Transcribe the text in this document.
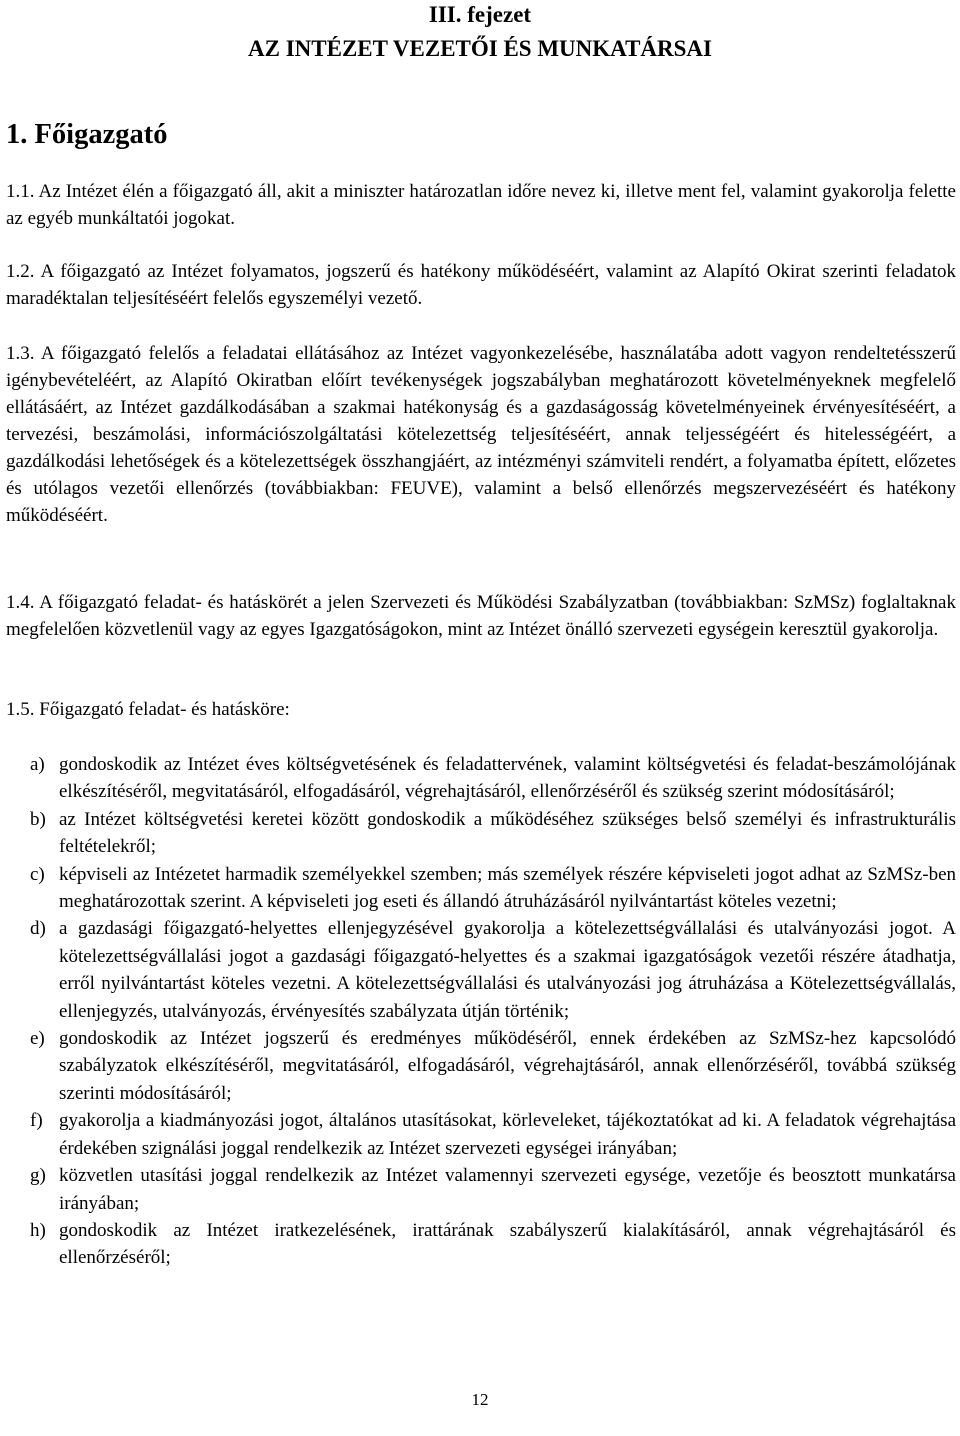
III. fejezet
AZ INTÉZET VEZETŐI ÉS MUNKATÁRSAI
1. Főigazgató

1.1. Az Intézet élén a főigazgató áll, akit a miniszter határozatlan időre nevez ki, illetve ment fel, valamint gyakorolja felette az egyéb munkáltatói jogokat.

1.2. A főigazgató az Intézet folyamatos, jogszerű és hatékony működéséért, valamint az Alapító Okirat szerinti feladatok maradéktalan teljesítéséért felelős egyszemélyi vezető.

1.3. A főigazgató felelős a feladatai ellátásához az Intézet vagyonkezelésébe, használatába adott vagyon rendeltetésszerű igénybevételéért, az Alapító Okiratban előírt tevékenységek jogszabályban meghatározott követelményeknek megfelelő ellátásáért, az Intézet gazdálkodásában a szakmai hatékonyság és a gazdaságosság követelményeinek érvényesítéséért, a tervezési, beszámolási, információszolgáltatási kötelezettség teljesítéséért, annak teljességéért és hitelességéért, a gazdálkodási lehetőségek és a kötelezettségek összhangjáért, az intézményi számviteli rendért, a folyamatba épített, előzetes és utólagos vezetői ellenőrzés (továbbiakban: FEUVE), valamint a belső ellenőrzés megszervezéséért és hatékony működéséért.

1.4. A főigazgató feladat- és hatáskörét a jelen Szervezeti és Működési Szabályzatban (továbbiakban: SzMSz) foglaltaknak megfelelően közvetlenül vagy az egyes Igazgatóságokon, mint az Intézet önálló szervezeti egységein keresztül gyakorolja.

1.5. Főigazgató feladat- és hatásköre:

a) gondoskodik az Intézet éves költségvetésének és feladattervének, valamint költségvetési és feladat-beszámolójának elkészítéséről, megvitatásáról, elfogadásáról, végrehajtásáról, ellenőrzéséről és szükség szerint módosításáról;
b) az Intézet költségvetési keretei között gondoskodik a működéséhez szükséges belső személyi és infrastrukturális feltételekről;
c) képviseli az Intézetet harmadik személyekkel szemben; más személyek részére képviseleti jogot adhat az SzMSz-ben meghatározottak szerint. A képviseleti jog eseti és állandó átruházásáról nyilvántartást köteles vezetni;
d) a gazdasági főigazgató-helyettes ellenjegyzésével gyakorolja a kötelezettségvállalási és utalványozási jogot. A kötelezettségvállalási jogot a gazdasági főigazgató-helyettes és a szakmai igazgatóságok vezetői részére átadhatja, erről nyilvántartást köteles vezetni. A kötelezettségvállalási és utalványozási jog átruházása a Kötelezettségvállalás, ellenjegyzés, utalványozás, érvényesítés szabályzata útján történik;
e) gondoskodik az Intézet jogszerű és eredményes működéséről, ennek érdekében az SzMSz-hez kapcsolódó szabályzatok elkészítéséről, megvitatásáról, elfogadásáról, végrehajtásáról, annak ellenőrzéséről, továbbá szükség szerinti módosításáról;
f) gyakorolja a kiadmányozási jogot, általános utasításokat, körleveleket, tájékoztatókat ad ki. A feladatok végrehajtása érdekében szignálási joggal rendelkezik az Intézet szervezeti egységei irányában;
g) közvetlen utasítási joggal rendelkezik az Intézet valamennyi szervezeti egysége, vezetője és beosztott munkatársa irányában;
h) gondoskodik az Intézet iratkezelésének, irattárának szabályszerű kialakításáról, annak végrehajtásáról és ellenőrzéséről;
12
